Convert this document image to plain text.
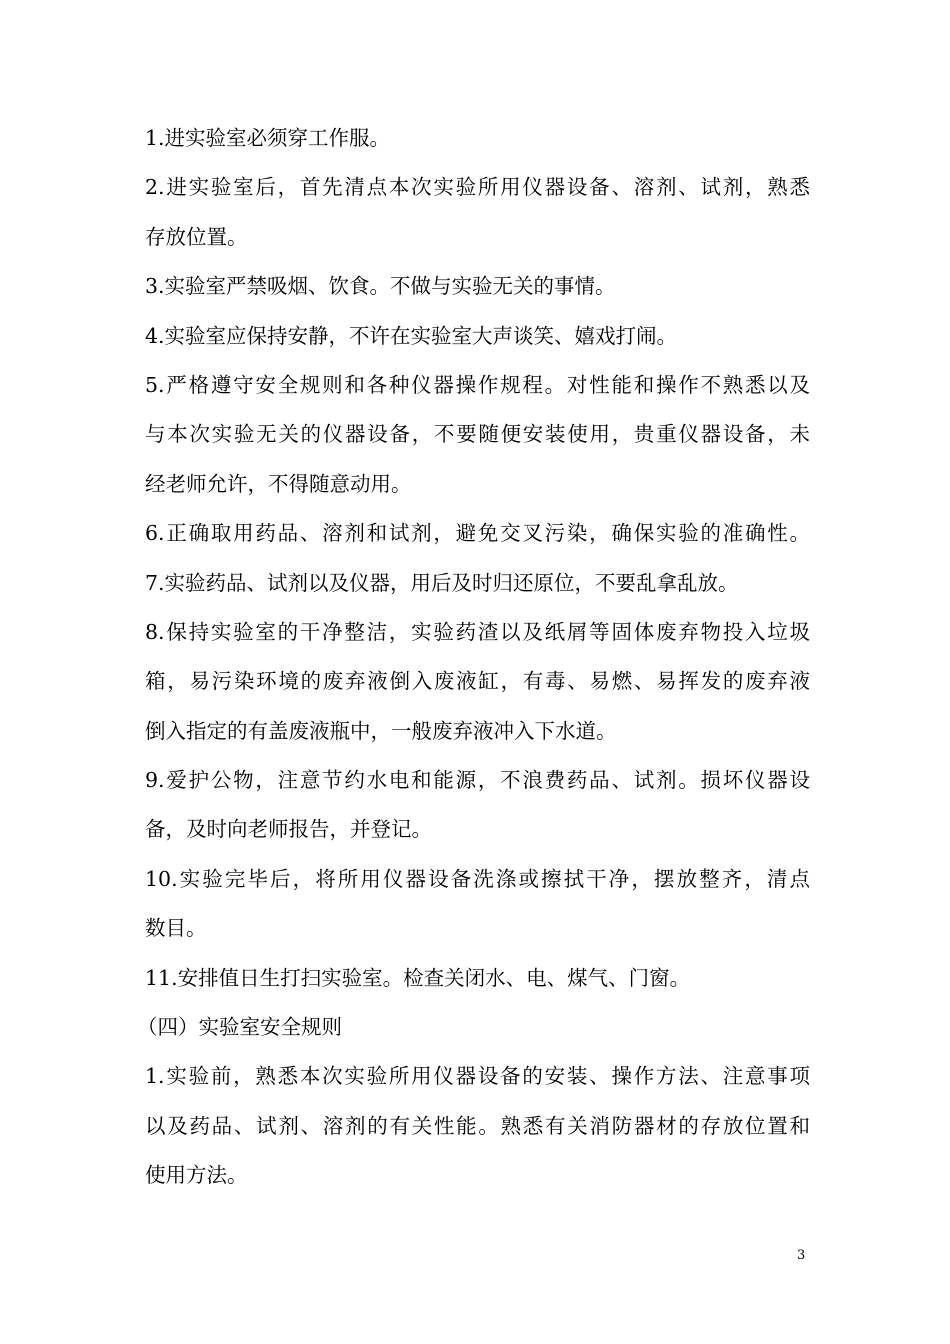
1.进实验室必须穿工作服。
2.进实验室后，首先清点本次实验所用仪器设备、溶剂、试剂，熟悉
存放位置。
3.实验室严禁吸烟、饮食。不做与实验无关的事情。
4.实验室应保持安静，不许在实验室大声谈笑、嬉戏打闹。
5.严格遵守安全规则和各种仪器操作规程。对性能和操作不熟悉以及
与本次实验无关的仪器设备，不要随便安装使用，贵重仪器设备，未
经老师允许，不得随意动用。
6.正确取用药品、溶剂和试剂，避免交叉污染，确保实验的准确性。
7.实验药品、试剂以及仪器，用后及时归还原位，不要乱拿乱放。
8.保持实验室的干净整洁，实验药渣以及纸屑等固体废弃物投入垃圾
箱，易污染环境的废弃液倒入废液缸，有毒、易燃、易挥发的废弃液
倒入指定的有盖废液瓶中，一般废弃液冲入下水道。
9.爱护公物，注意节约水电和能源，不浪费药品、试剂。损坏仪器设
备，及时向老师报告，并登记。
10.实验完毕后，将所用仪器设备洗涤或擦拭干净，摆放整齐，清点
数目。
11.安排值日生打扫实验室。检查关闭水、电、煤气、门窗。
（四）实验室安全规则
1.实验前，熟悉本次实验所用仪器设备的安装、操作方法、注意事项
以及药品、试剂、溶剂的有关性能。熟悉有关消防器材的存放位置和
使用方法。
3
